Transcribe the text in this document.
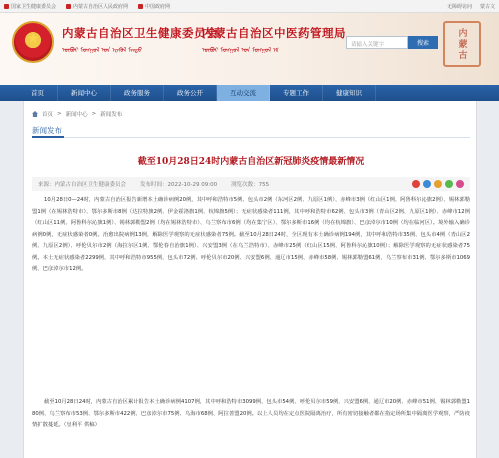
国家卫生健康委员会	内蒙古自治区人民政府网	中国政府网	无障碍访问 蒙古文
★
内蒙古自治区卫生健康委员会
内蒙古自治区中医药管理局
ᠥᠪᠦᠷ ᠮᠣᠩᠭᠣᠯ ᠤᠨ ᠡᠷᠡᠭᠦᠯ ᠮᠡᠨᠳᠦ	ᠥᠪᠦᠷ ᠮᠣᠩᠭᠣᠯ ᠤᠨ ᠮᠣᠩᠭᠣᠯ ᠡᠮ
请输入关键字	搜索	内蒙古
首页	新闻中心	政务服务	政务公开	互动交流	专题工作	健康知识
首页 > 新闻中心 > 新闻发布
新闻发布
截至10月28日24时内蒙古自治区新冠肺炎疫情最新情况
来源：内蒙古自治区卫生健康委员会	发布时间：2022-10-29 09:00	浏览次数：755
10月28日0—24时，内蒙古自治区报告新增本土确诊病例20例，其中呼和浩特市5例、包头市2例（东河区2例、九原区1例）、赤峰市3例（红山区1例、阿鲁科尔沁旗2例）、锡林郭勒盟1例（在锡林浩特市）、鄂尔多斯市8例（达拉特旗2例、伊金霍洛旗1例、杭锦旗5例）；无症状感染者111例，其中呼和浩特市62例、包头市3例（青山区2例、九原区1例）、赤峰市12例（红山区11例、阿鲁科尔沁旗1例）、锡林郭勒盟2例（均在锡林浩特市）、乌兰察布市6例（均在集宁区）、鄂尔多斯市16例（均在杭锦旗）、巴彦淖尔市10例（均在临河区）。境外输入确诊病例0例，无症状感染者0例。治愈出院病例13例，解除医学观察的无症状感染者75例。截至10月28日24时，全区现有本土确诊病例194例，其中呼和浩特市35例、包头市4例（青山区2例、九原区2例）、呼伦贝尔市2例（海拉尔区1例、鄂伦春自治旗1例）、兴安盟3例（在乌兰浩特市）、赤峰市25例（红山区15例、阿鲁科尔沁旗10例）；解除医学观察的无症状感染者75例。本土无症状感染者2299例，其中呼和浩特市955例、包头市72例、呼伦贝尔市20例、兴安盟6例、通辽市15例、赤峰市58例、锡林郭勒盟61例、乌兰察布市31例、鄂尔多斯市1069例、巴彦淖尔市12例。
截至10月28日24时，内蒙古自治区累计报告本土确诊病例4107例，其中呼和浩特市3099例、包头市54例、呼伦贝尔市59例、兴安盟6例、通辽市20例、赤峰市51例、锡林郭勒盟180例、乌兰察布市53例、鄂尔多斯市422例、巴彦淖尔市75例、乌海市68例、阿拉善盟20例。以上人员均在定点医院隔离治疗，所有密切接触者都在指定场所集中隔离医学观察，严防疫情扩散蔓延。（皇利平 供稿）
